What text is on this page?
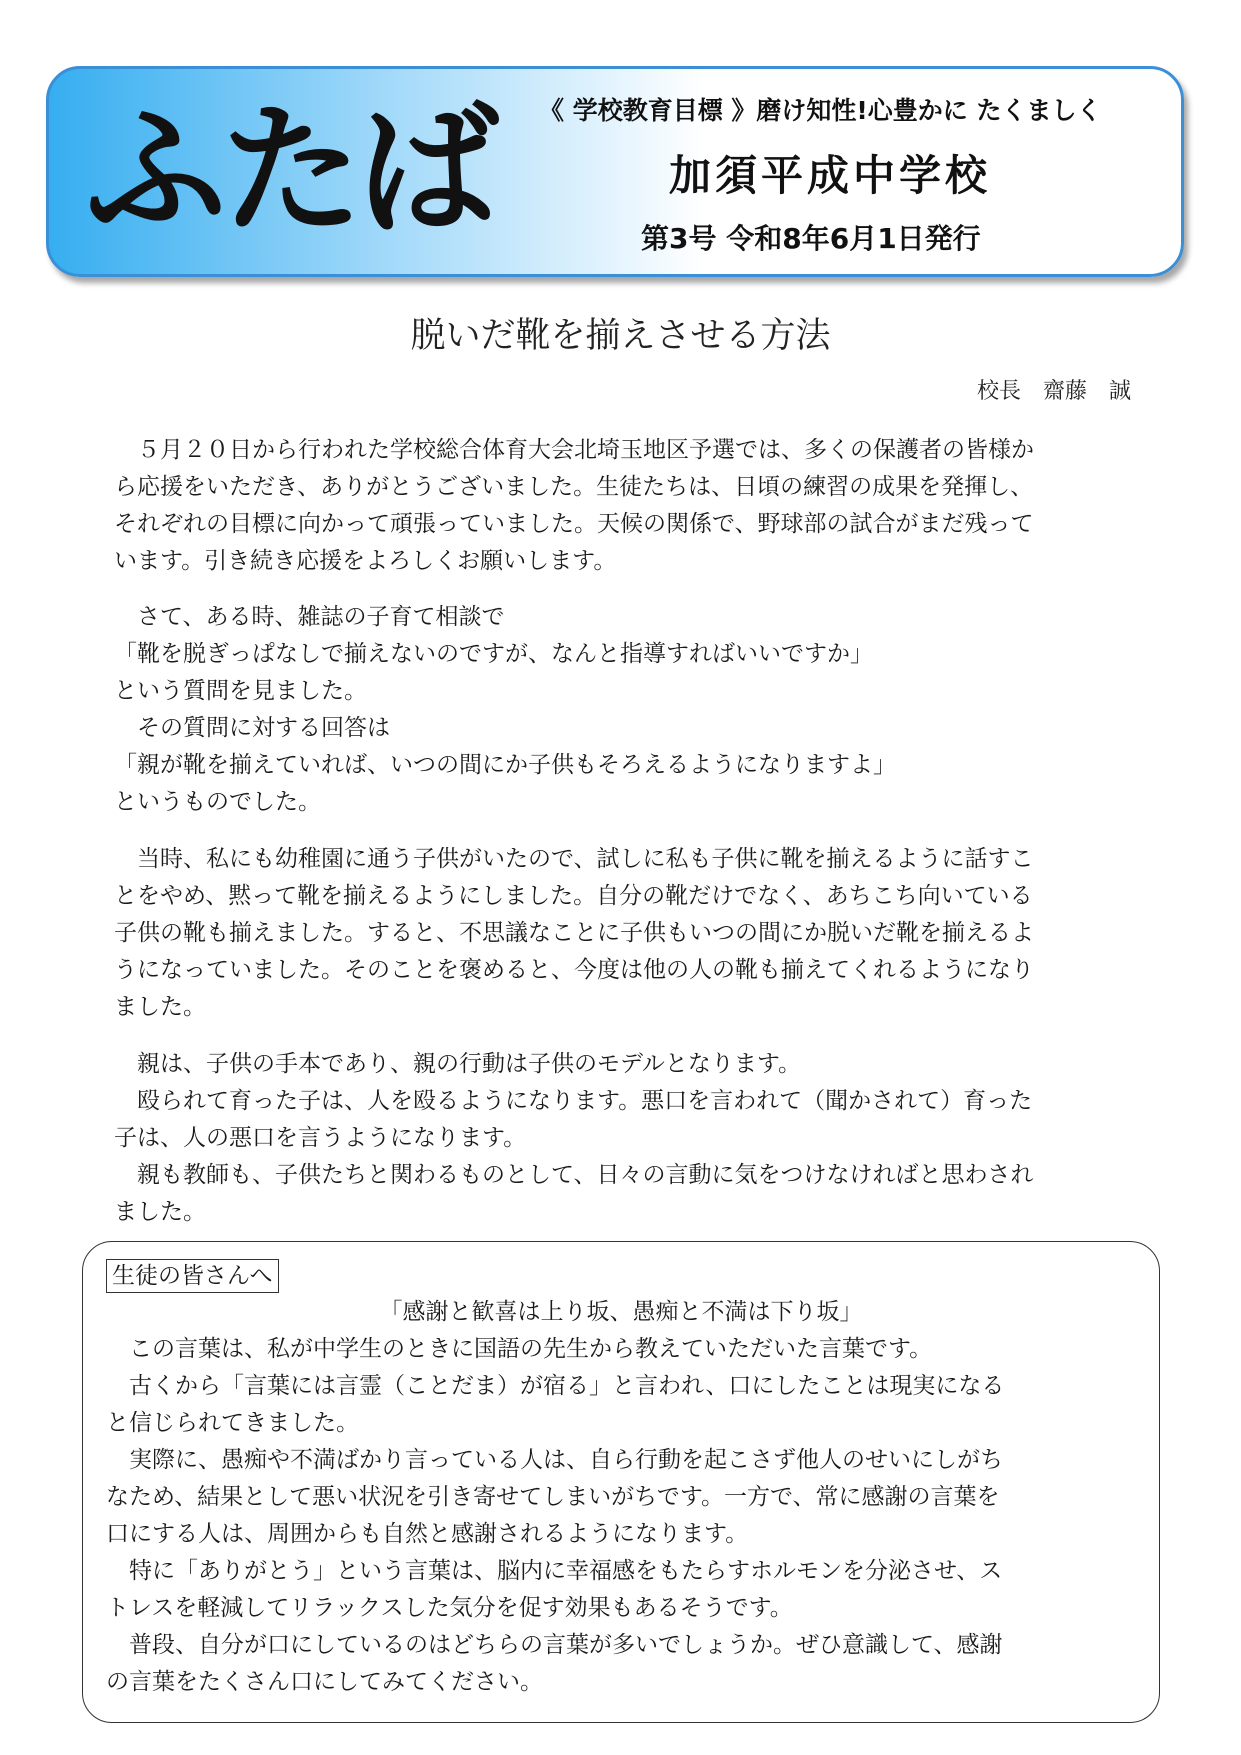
ふたば 《 学校教育目標 》磨け知性!心豊かに たくましく
加須平成中学校
第3号 令和8年6月1日発行
脱いだ靴を揃えさせる方法
校長　齋藤　誠
５月２０日から行われた学校総合体育大会北埼玉地区予選では、多くの保護者の皆様か
ら応援をいただき、ありがとうございました。生徒たちは、日頃の練習の成果を発揮し、
それぞれの目標に向かって頑張っていました。天候の関係で、野球部の試合がまだ残って
います。引き続き応援をよろしくお願いします。
　さて、ある時、雑誌の子育て相談で
「靴を脱ぎっぱなしで揃えないのですが、なんと指導すればいいですか」
という質問を見ました。
　その質問に対する回答は
「親が靴を揃えていれば、いつの間にか子供もそろえるようになりますよ」
というものでした。
　当時、私にも幼稚園に通う子供がいたので、試しに私も子供に靴を揃えるように話すこ
とをやめ、黙って靴を揃えるようにしました。自分の靴だけでなく、あちこち向いている
子供の靴も揃えました。すると、不思議なことに子供もいつの間にか脱いだ靴を揃えるよ
うになっていました。そのことを褒めると、今度は他の人の靴も揃えてくれるようになり
ました。
　親は、子供の手本であり、親の行動は子供のモデルとなります。
　殴られて育った子は、人を殴るようになります。悪口を言われて（聞かされて）育った
子は、人の悪口を言うようになります。
　親も教師も、子供たちと関わるものとして、日々の言動に気をつけなければと思わされ
ました。
生徒の皆さんへ
「感謝と歓喜は上り坂、愚痴と不満は下り坂」
　この言葉は、私が中学生のときに国語の先生から教えていただいた言葉です。
　古くから「言葉には言霊（ことだま）が宿る」と言われ、口にしたことは現実になる
と信じられてきました。
　実際に、愚痴や不満ばかり言っている人は、自ら行動を起こさず他人のせいにしがち
なため、結果として悪い状況を引き寄せてしまいがちです。一方で、常に感謝の言葉を
口にする人は、周囲からも自然と感謝されるようになります。
　特に「ありがとう」という言葉は、脳内に幸福感をもたらすホルモンを分泌させ、ス
トレスを軽減してリラックスした気分を促す効果もあるそうです。
　普段、自分が口にしているのはどちらの言葉が多いでしょうか。ぜひ意識して、感謝
の言葉をたくさん口にしてみてください。
